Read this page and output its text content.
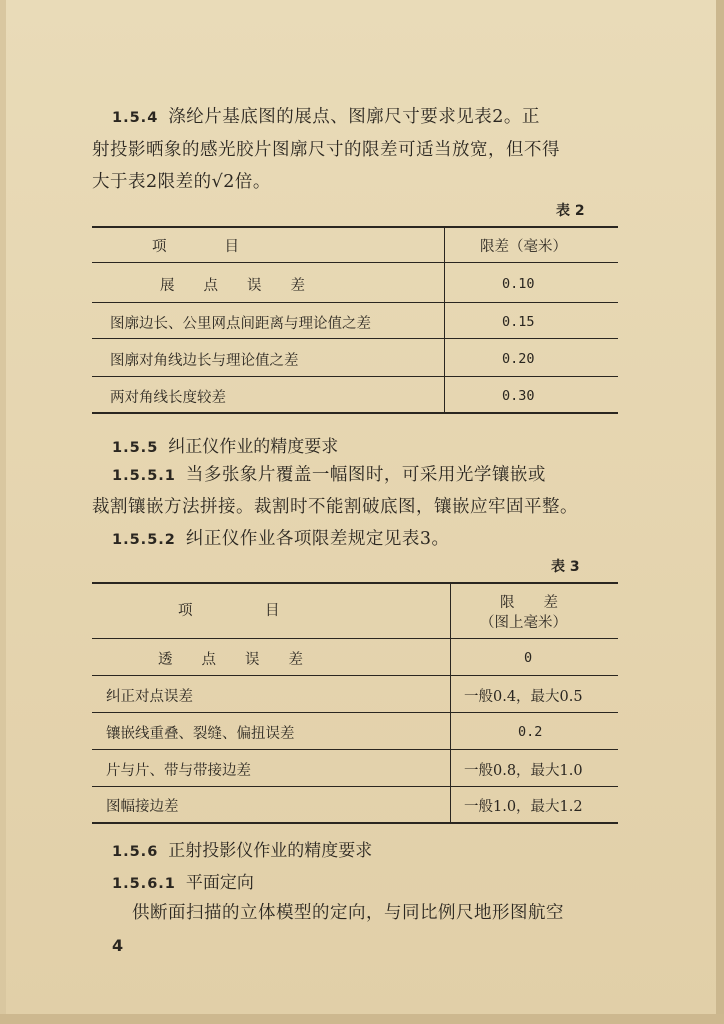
1.5.4 涤纶片基底图的展点、图廓尺寸要求见表2。正
射投影晒象的感光胶片图廓尺寸的限差可适当放宽，但不得
大于表2限差的√2倍。
表 2
项　　　　目	限差（毫米）
展　　点　　误　　差	0.10
图廓边长、公里网点间距离与理论值之差	0.15
图廓对角线边长与理论值之差	0.20
两对角线长度较差	0.30
1.5.5 纠正仪作业的精度要求
1.5.5.1 当多张象片覆盖一幅图时，可采用光学镶嵌或
裁割镶嵌方法拼接。裁割时不能割破底图，镶嵌应牢固平整。
1.5.5.2 纠正仪作业各项限差规定见表3。
表 3
项　　　　　目	限　　差
（图上毫米）
透　　点　　误　　差	0
纠正对点误差	一般0.4，最大0.5
镶嵌线重叠、裂缝、偏扭误差	0.2
片与片、带与带接边差	一般0.8，最大1.0
图幅接边差	一般1.0，最大1.2
1.5.6 正射投影仪作业的精度要求
1.5.6.1 平面定向
供断面扫描的立体模型的定向，与同比例尺地形图航空
4
